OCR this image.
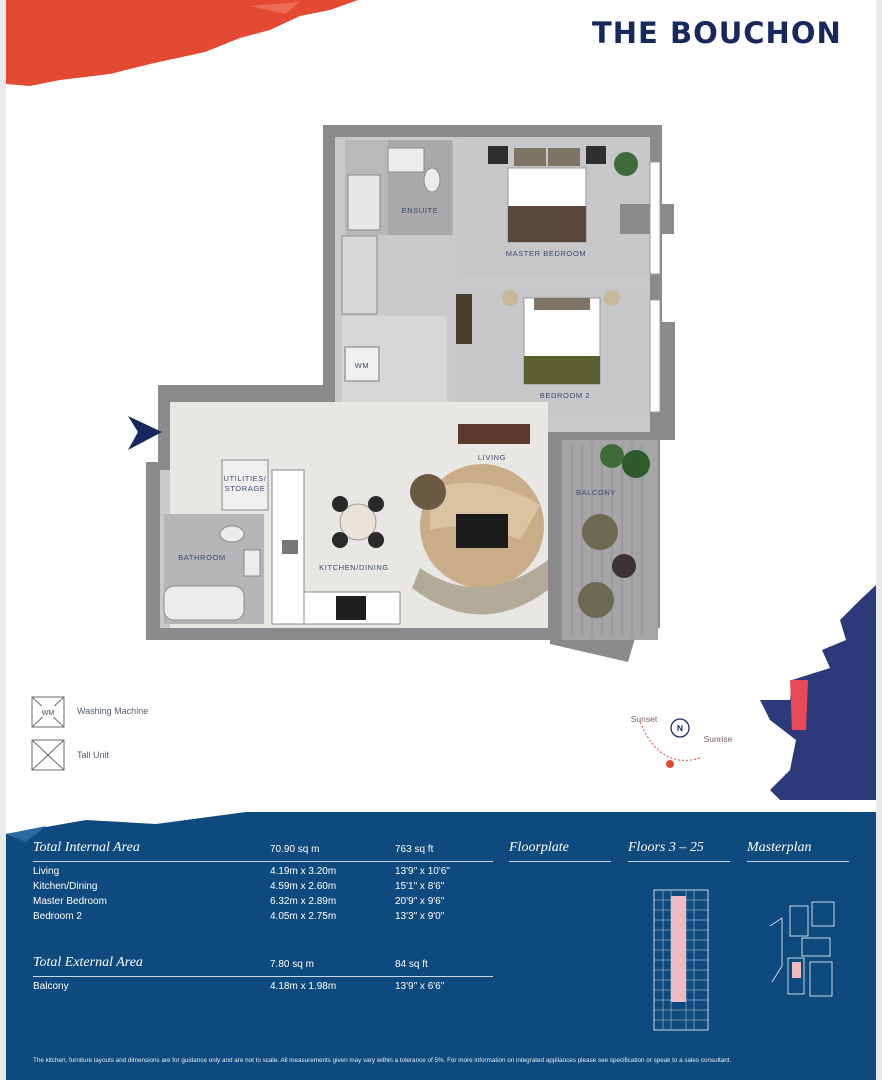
THE BOUCHON
ENSUITE
MASTER BEDROOM
BEDROOM 2
WM
LIVING
UTILITIES/
STORAGE	BALCONY
BATHROOM
KITCHEN/DINING
N
Sunset
Sunrise
WM	Washing Machine
Tall Unit
Total Internal Area	70.90 sq m	763 sq ft
Living	4.19m x 3.20m	13'9" x 10'6"
Kitchen/Dining	4.59m x 2.60m	15'1" x 8'6"
Master Bedroom	6.32m x 2.89m	20'9" x 9'6"
Bedroom 2	4.05m x 2.75m	13'3" x 9'0"
Total External Area	7.80 sq m	84 sq ft
Balcony	4.18m x 1.98m	13'9" x 6'6"
Floorplate	Floors 3 – 25	Masterplan
The kitchen, furniture layouts and dimensions are for guidance only and are not to scale. All measurements given may vary within a tolerance of 5%. For more information on integrated appliances please see specification or speak to a sales consultant.
